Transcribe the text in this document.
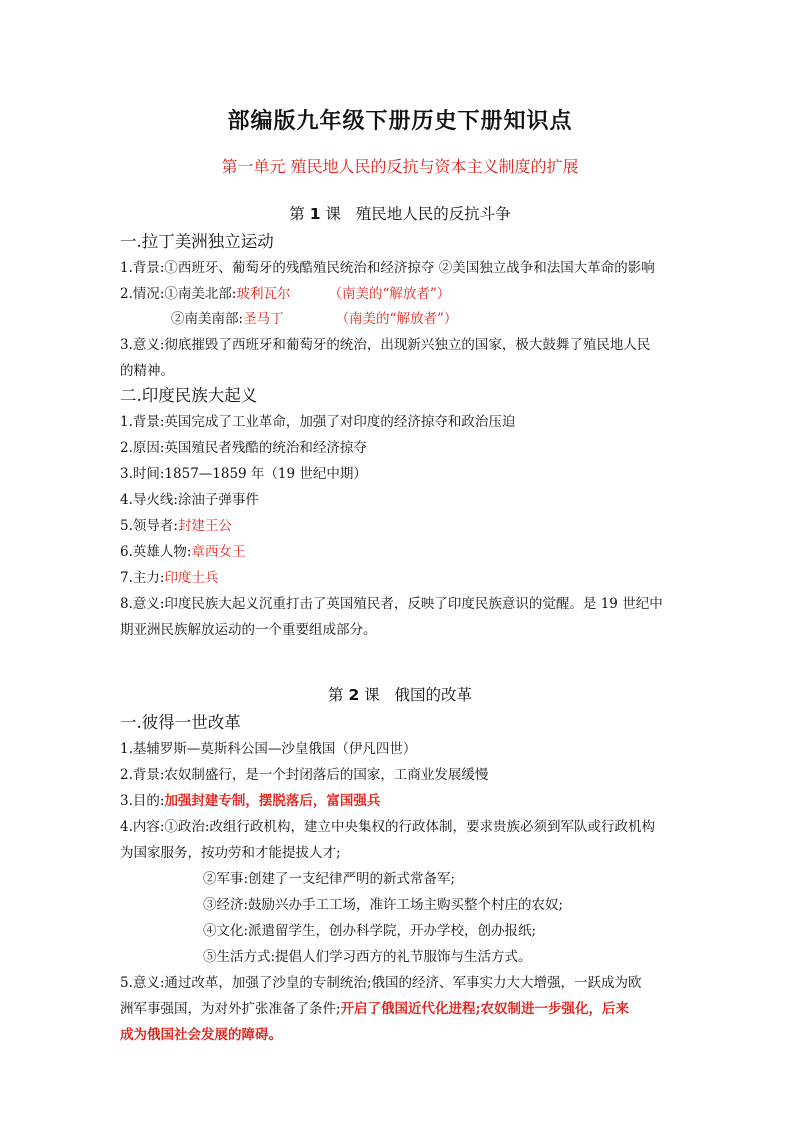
部编版九年级下册历史下册知识点
第一单元 殖民地人民的反抗与资本主义制度的扩展
第 1 课 殖民地人民的反抗斗争
一.拉丁美洲独立运动
1.背景:①西班牙、葡萄牙的残酷殖民统治和经济掠夺 ②美国独立战争和法国大革命的影响
2.情况:①南美北部:玻利瓦尔	（南美的“解放者”）
②南美南部:圣马丁	（南美的“解放者”）
3.意义:彻底摧毁了西班牙和葡萄牙的统治，出现新兴独立的国家，极大鼓舞了殖民地人民
的精神。
二.印度民族大起义
1.背景:英国完成了工业革命，加强了对印度的经济掠夺和政治压迫
2.原因:英国殖民者残酷的统治和经济掠夺
3.时间:1857—1859 年（19 世纪中期）
4.导火线:涂油子弹事件
5.领导者:封建王公
6.英雄人物:章西女王
7.主力:印度土兵
8.意义:印度民族大起义沉重打击了英国殖民者，反映了印度民族意识的觉醒。是 19 世纪中
期亚洲民族解放运动的一个重要组成部分。
第 2 课 俄国的改革
一.彼得一世改革
1.基辅罗斯—莫斯科公国—沙皇俄国（伊凡四世）
2.背景:农奴制盛行，是一个封闭落后的国家，工商业发展缓慢
3.目的:加强封建专制，摆脱落后，富国强兵
4.内容:①政治:改组行政机构，建立中央集权的行政体制，要求贵族必须到军队或行政机构
为国家服务，按功劳和才能提拔人才;
②军事:创建了一支纪律严明的新式常备军;
③经济:鼓励兴办手工工场，准许工场主购买整个村庄的农奴;
④文化:派遣留学生，创办科学院，开办学校，创办报纸;
⑤生活方式:提倡人们学习西方的礼节服饰与生活方式。
5.意义:通过改革，加强了沙皇的专制统治;俄国的经济、军事实力大大增强，一跃成为欧
洲军事强国，为对外扩张准备了条件;开启了俄国近代化进程;农奴制进一步强化，后来
成为俄国社会发展的障碍。
